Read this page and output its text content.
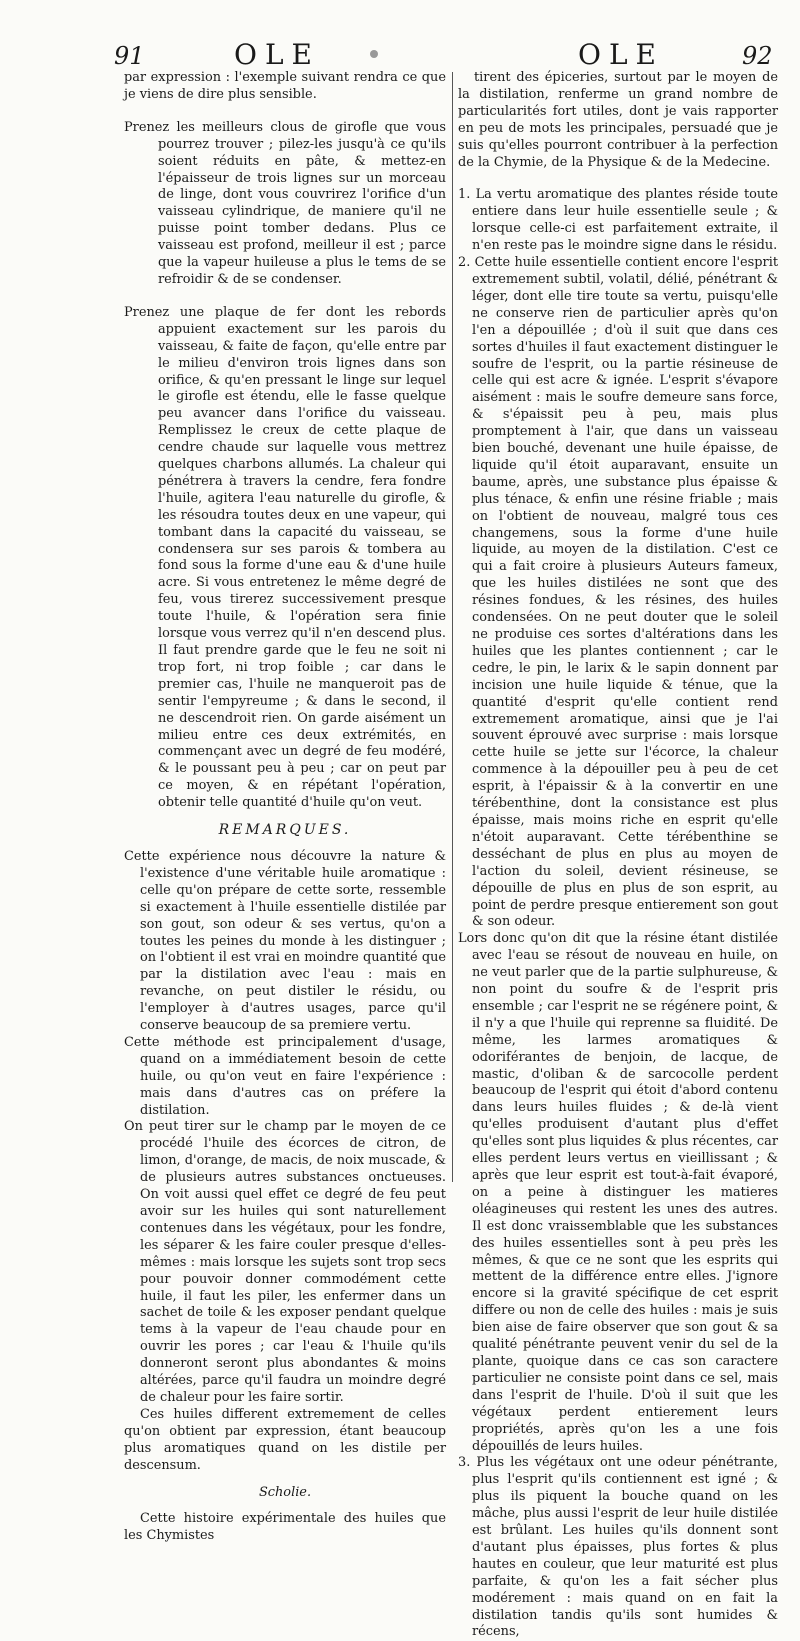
91	OLE	OLE	92

par expression : l'exemple suivant rendra ce que je viens de dire plus sensible.

Prenez les meilleurs clous de girofle que vous pourrez trouver ; pilez-les jusqu'à ce qu'ils soient réduits en pâte, & mettez-en l'épaisseur de trois lignes sur un morceau de linge, dont vous couvrirez l'orifice d'un vaisseau cylindrique, de maniere qu'il ne puisse point tomber dedans. Plus ce vaisseau est profond, meilleur il est ; parce que la vapeur huileuse a plus le tems de se refroidir & de se condenser.

Prenez une plaque de fer dont les rebords appuient exactement sur les parois du vaisseau, & faite de façon, qu'elle entre par le milieu d'environ trois lignes dans son orifice, & qu'en pressant le linge sur lequel le girofle est étendu, elle le fasse quelque peu avancer dans l'orifice du vaisseau. Remplissez le creux de cette plaque de cendre chaude sur laquelle vous mettrez quelques charbons allumés. La chaleur qui pénétrera à travers la cendre, fera fondre l'huile, agitera l'eau naturelle du girofle, & les résoudra toutes deux en une vapeur, qui tombant dans la capacité du vaisseau, se condensera sur ses parois & tombera au fond sous la forme d'une eau & d'une huile acre. Si vous entretenez le même degré de feu, vous tirerez successivement presque toute l'huile, & l'opération sera finie lorsque vous verrez qu'il n'en descend plus. Il faut prendre garde que le feu ne soit ni trop fort, ni trop foible ; car dans le premier cas, l'huile ne manqueroit pas de sentir l'empyreume ; & dans le second, il ne descendroit rien. On garde aisément un milieu entre ces deux extrémités, en commençant avec un degré de feu modéré, & le poussant peu à peu ; car on peut par ce moyen, & en répétant l'opération, obtenir telle quantité d'huile qu'on veut.

REMARQUES.

Cette expérience nous découvre la nature & l'existence d'une véritable huile aromatique : celle qu'on prépare de cette sorte, ressemble si exactement à l'huile essentielle distilée par son gout, son odeur & ses vertus, qu'on a toutes les peines du monde à les distinguer ; on l'obtient il est vrai en moindre quantité que par la distilation avec l'eau : mais en revanche, on peut distiler le résidu, ou l'employer à d'autres usages, parce qu'il conserve beaucoup de sa premiere vertu.

Cette méthode est principalement d'usage, quand on a immédiatement besoin de cette huile, ou qu'on veut en faire l'expérience : mais dans d'autres cas on préfere la distilation.

On peut tirer sur le champ par le moyen de ce procédé l'huile des écorces de citron, de limon, d'orange, de macis, de noix muscade, & de plusieurs autres substances onctueuses. On voit aussi quel effet ce degré de feu peut avoir sur les huiles qui sont naturellement contenues dans les végétaux, pour les fondre, les séparer & les faire couler presque d'elles-mêmes : mais lorsque les sujets sont trop secs pour pouvoir donner commodément cette huile, il faut les piler, les enfermer dans un sachet de toile & les exposer pendant quelque tems à la vapeur de l'eau chaude pour en ouvrir les pores ; car l'eau & l'huile qu'ils donneront seront plus abondantes & moins altérées, parce qu'il faudra un moindre degré de chaleur pour les faire sortir.

Ces huiles different extremement de celles qu'on obtient par expression, étant beaucoup plus aromatiques quand on les distile per descensum.

Scholie.

Cette histoire expérimentale des huiles que les Chymistes

tirent des épiceries, surtout par le moyen de la distilation, renferme un grand nombre de particularités fort utiles, dont je vais rapporter en peu de mots les principales, persuadé que je suis qu'elles pourront contribuer à la perfection de la Chymie, de la Physique & de la Medecine.

1. La vertu aromatique des plantes réside toute entiere dans leur huile essentielle seule ; & lorsque celle-ci est parfaitement extraite, il n'en reste pas le moindre signe dans le résidu.

2. Cette huile essentielle contient encore l'esprit extremement subtil, volatil, délié, pénétrant & léger, dont elle tire toute sa vertu, puisqu'elle ne conserve rien de particulier après qu'on l'en a dépouillée ; d'où il suit que dans ces sortes d'huiles il faut exactement distinguer le soufre de l'esprit, ou la partie résineuse de celle qui est acre & ignée. L'esprit s'évapore aisément : mais le soufre demeure sans force, & s'épaissit peu à peu, mais plus promptement à l'air, que dans un vaisseau bien bouché, devenant une huile épaisse, de liquide qu'il étoit auparavant, ensuite un baume, après, une substance plus épaisse & plus ténace, & enfin une résine friable ; mais on l'obtient de nouveau, malgré tous ces changemens, sous la forme d'une huile liquide, au moyen de la distilation. C'est ce qui a fait croire à plusieurs Auteurs fameux, que les huiles distilées ne sont que des résines fondues, & les résines, des huiles condensées. On ne peut douter que le soleil ne produise ces sortes d'altérations dans les huiles que les plantes contiennent ; car le cedre, le pin, le larix & le sapin donnent par incision une huile liquide & ténue, que la quantité d'esprit qu'elle contient rend extremement aromatique, ainsi que je l'ai souvent éprouvé avec surprise : mais lorsque cette huile se jette sur l'écorce, la chaleur commence à la dépouiller peu à peu de cet esprit, à l'épaissir & à la convertir en une térébenthine, dont la consistance est plus épaisse, mais moins riche en esprit qu'elle n'étoit auparavant. Cette térébenthine se desséchant de plus en plus au moyen de l'action du soleil, devient résineuse, se dépouille de plus en plus de son esprit, au point de perdre presque entierement son gout & son odeur.

Lors donc qu'on dit que la résine étant distilée avec l'eau se résout de nouveau en huile, on ne veut parler que de la partie sulphureuse, & non point du soufre & de l'esprit pris ensemble ; car l'esprit ne se régénere point, & il n'y a que l'huile qui reprenne sa fluidité. De même, les larmes aromatiques & odoriférantes de benjoin, de lacque, de mastic, d'oliban & de sarcocolle perdent beaucoup de l'esprit qui étoit d'abord contenu dans leurs huiles fluides ; & de-là vient qu'elles produisent d'autant plus d'effet qu'elles sont plus liquides & plus récentes, car elles perdent leurs vertus en vieillissant ; & après que leur esprit est tout-à-fait évaporé, on a peine à distinguer les matieres oléagineuses qui restent les unes des autres. Il est donc vraissemblable que les substances des huiles essentielles sont à peu près les mêmes, & que ce ne sont que les esprits qui mettent de la différence entre elles. J'ignore encore si la gravité spécifique de cet esprit differe ou non de celle des huiles : mais je suis bien aise de faire observer que son gout & sa qualité pénétrante peuvent venir du sel de la plante, quoique dans ce cas son caractere particulier ne consiste point dans ce sel, mais dans l'esprit de l'huile. D'où il suit que les végétaux perdent entierement leurs propriétés, après qu'on les a une fois dépouillés de leurs huiles.

3. Plus les végétaux ont une odeur pénétrante, plus l'esprit qu'ils contiennent est igné ; & plus ils piquent la bouche quand on les mâche, plus aussi l'esprit de leur huile distilée est brûlant. Les huiles qu'ils donnent sont d'autant plus épaisses, plus fortes & plus hautes en couleur, que leur maturité est plus parfaite, & qu'on les a fait sécher plus modérement : mais quand on en fait la distilation tandis qu'ils sont humides & récens,
